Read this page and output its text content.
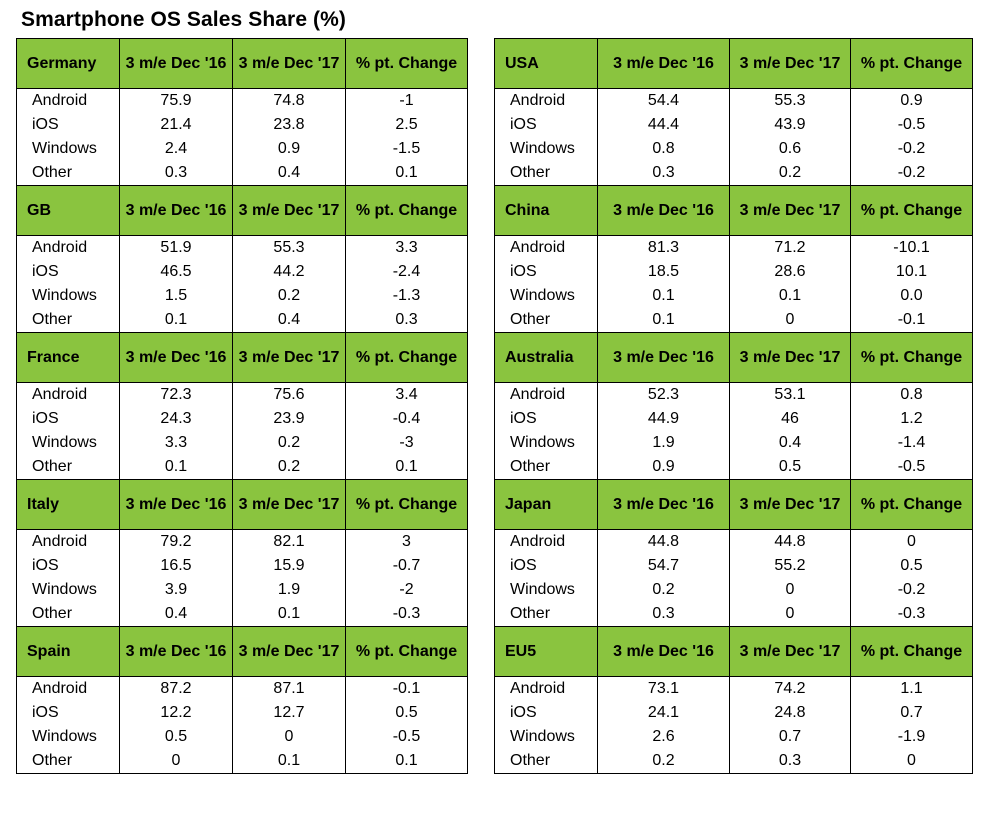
Smartphone OS Sales Share (%)
Germany	3 m/e Dec '16	3 m/e Dec '17	% pt. Change
Android	75.9	74.8	-1
iOS	21.4	23.8	2.5
Windows	2.4	0.9	-1.5
Other	0.3	0.4	0.1
GB	3 m/e Dec '16	3 m/e Dec '17	% pt. Change
Android	51.9	55.3	3.3
iOS	46.5	44.2	-2.4
Windows	1.5	0.2	-1.3
Other	0.1	0.4	0.3
France	3 m/e Dec '16	3 m/e Dec '17	% pt. Change
Android	72.3	75.6	3.4
iOS	24.3	23.9	-0.4
Windows	3.3	0.2	-3
Other	0.1	0.2	0.1
Italy	3 m/e Dec '16	3 m/e Dec '17	% pt. Change
Android	79.2	82.1	3
iOS	16.5	15.9	-0.7
Windows	3.9	1.9	-2
Other	0.4	0.1	-0.3
Spain	3 m/e Dec '16	3 m/e Dec '17	% pt. Change
Android	87.2	87.1	-0.1
iOS	12.2	12.7	0.5
Windows	0.5	0	-0.5
Other	0	0.1	0.1
USA	3 m/e Dec '16	3 m/e Dec '17	% pt. Change
Android	54.4	55.3	0.9
iOS	44.4	43.9	-0.5
Windows	0.8	0.6	-0.2
Other	0.3	0.2	-0.2
China	3 m/e Dec '16	3 m/e Dec '17	% pt. Change
Android	81.3	71.2	-10.1
iOS	18.5	28.6	10.1
Windows	0.1	0.1	0.0
Other	0.1	0	-0.1
Australia	3 m/e Dec '16	3 m/e Dec '17	% pt. Change
Android	52.3	53.1	0.8
iOS	44.9	46	1.2
Windows	1.9	0.4	-1.4
Other	0.9	0.5	-0.5
Japan	3 m/e Dec '16	3 m/e Dec '17	% pt. Change
Android	44.8	44.8	0
iOS	54.7	55.2	0.5
Windows	0.2	0	-0.2
Other	0.3	0	-0.3
EU5	3 m/e Dec '16	3 m/e Dec '17	% pt. Change
Android	73.1	74.2	1.1
iOS	24.1	24.8	0.7
Windows	2.6	0.7	-1.9
Other	0.2	0.3	0
